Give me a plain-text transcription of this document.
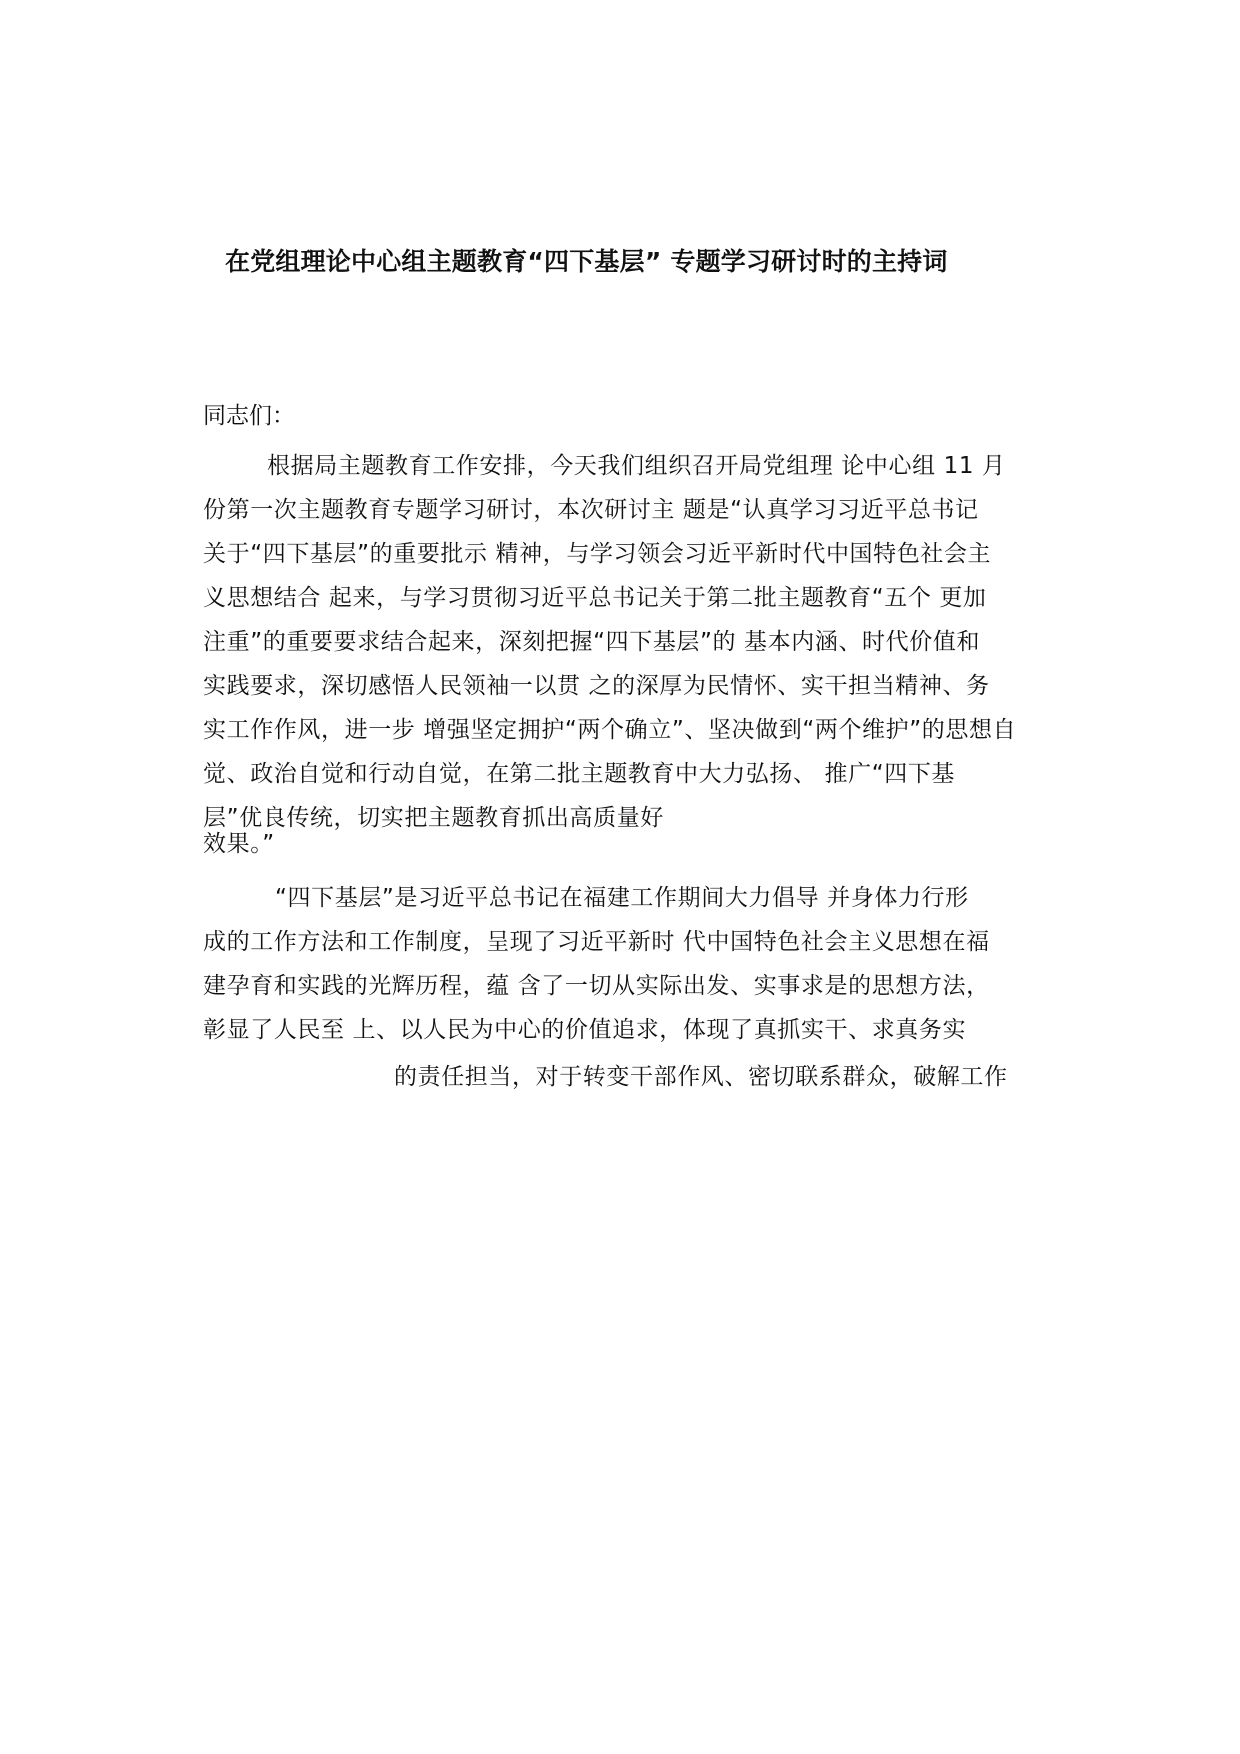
在党组理论中心组主题教育“四下基层” 专题学习研讨时的主持词
同志们：
根据局主题教育工作安排，今天我们组织召开局党组理 论中心组 11 月
份第一次主题教育专题学习研讨，本次研讨主 题是“认真学习习近平总书记
关于“四下基层”的重要批示 精神，与学习领会习近平新时代中国特色社会主
义思想结合 起来，与学习贯彻习近平总书记关于第二批主题教育“五个 更加
注重”的重要要求结合起来，深刻把握“四下基层”的 基本内涵、时代价值和
实践要求，深切感悟人民领袖一以贯 之的深厚为民情怀、实干担当精神、务
实工作作风，进一步 增强坚定拥护“两个确立”、坚决做到“两个维护”的思想自
觉、政治自觉和行动自觉，在第二批主题教育中大力弘扬、 推广“四下基
层”优良传统，切实把主题教育抓出高质量好
效果。”
“四下基层”是习近平总书记在福建工作期间大力倡导 并身体力行形
成的工作方法和工作制度，呈现了习近平新时 代中国特色社会主义思想在福
建孕育和实践的光辉历程，蕴 含了一切从实际出发、实事求是的思想方法，
彰显了人民至 上、以人民为中心的价值追求，体现了真抓实干、求真务实
的责任担当，对于转变干部作风、密切联系群众，破解工作
